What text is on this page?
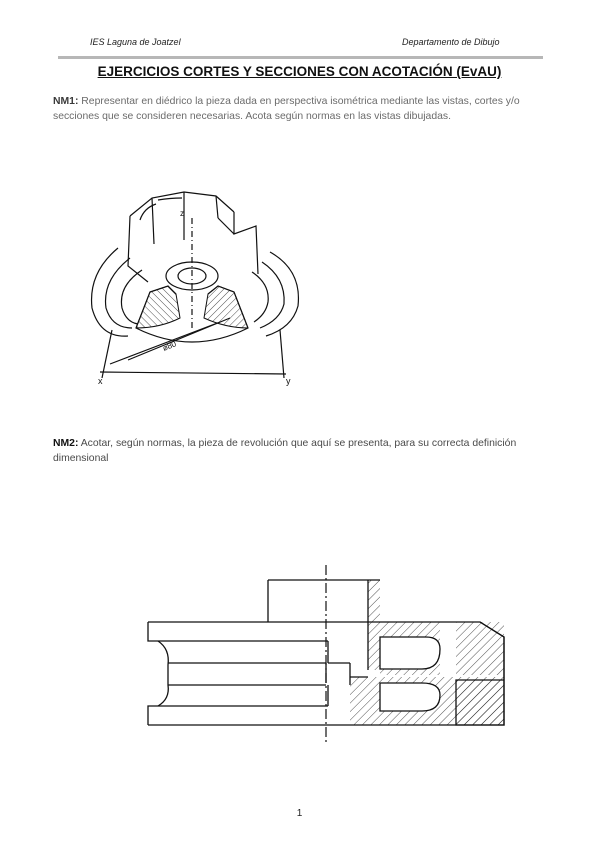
IES Laguna de Joatzel	Departamento de Dibujo
EJERCICIOS CORTES Y SECCIONES CON ACOTACIÓN (EvAU)
NM1: Representar en diédrico la pieza dada en perspectiva isométrica mediante las vistas, cortes y/o secciones que se consideren necesarias. Acota según normas en las vistas dibujadas.
ø80
x	y
z
NM2: Acotar, según normas, la pieza de revolución que aquí se presenta, para su correcta definición dimensional
1
